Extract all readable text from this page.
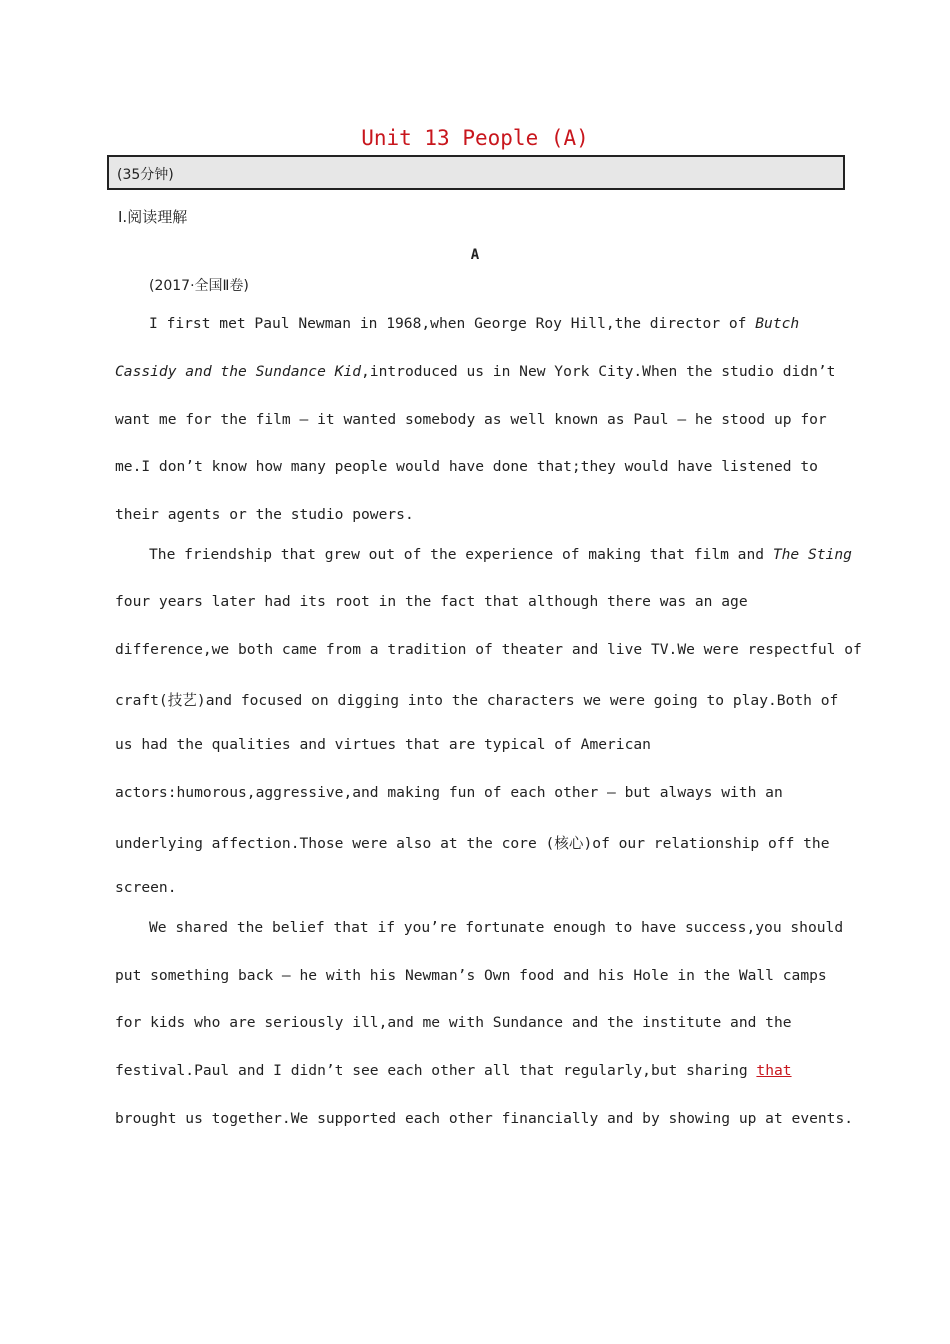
Unit 13 People (A)
(35分钟)
Ⅰ.阅读理解
A
(2017·全国Ⅱ卷)
I first met Paul Newman in 1968,when George Roy Hill,the director of Butch
Cassidy and the Sundance Kid,introduced us in New York City.When the studio didn’t
want me for the film — it wanted somebody as well known as Paul — he stood up for
me.I don’t know how many people would have done that;they would have listened to
their agents or the studio powers.
The friendship that grew out of the experience of making that film and The Sting
four years later had its root in the fact that although there was an age
difference,we both came from a tradition of theater and live TV.We were respectful of
craft(技艺)and focused on digging into the characters we were going to play.Both of
us had the qualities and virtues that are typical of American
actors:humorous,aggressive,and making fun of each other — but always with an
underlying affection.Those were also at the core (核心)of our relationship off the
screen.
We shared the belief that if you’re fortunate enough to have success,you should
put something back — he with his Newman’s Own food and his Hole in the Wall camps
for kids who are seriously ill,and me with Sundance and the institute and the
festival.Paul and I didn’t see each other all that regularly,but sharing that
brought us together.We supported each other financially and by showing up at events.
